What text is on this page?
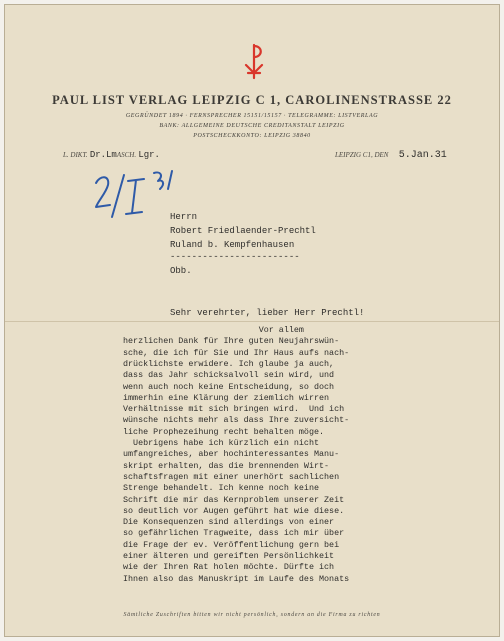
PAUL LIST VERLAG LEIPZIG C 1, CAROLINENSTRASSE 22
GEGRÜNDET 1894 · FERNSPRECHER 15151/15157 · TELEGRAMME: LISTVERLAG
BANK: ALLGEMEINE DEUTSCHE CREDITANSTALT LEIPZIG
POSTSCHECKKONTO: LEIPZIG 38840
L. DIKT. Dr.LmASCH. Lgr.	LEIPZIG C1, DEN 5.Jan.31
Herrn
Robert Friedlaender-Prechtl
Ruland b. Kempfenhausen
------------------------
Obb.
Sehr verehrter, lieber Herr Prechtl!
Vor allem
herzlichen Dank für Ihre guten Neujahrswün-
sche, die ich für Sie und Ihr Haus aufs nach-
drücklichste erwidere. Ich glaube ja auch,
dass das Jahr schicksalvoll sein wird, und
wenn auch noch keine Entscheidung, so doch
immerhin eine Klärung der ziemlich wirren
Verhältnisse mit sich bringen wird.  Und ich
wünsche nichts mehr als dass Ihre zuversicht-
liche Prophezeihung recht behalten möge.
Uebrigens habe ich kürzlich ein nicht
umfangreiches, aber hochinteressantes Manu-
skript erhalten, das die brennenden Wirt-
schaftsfragen mit einer unerhört sachlichen
Strenge behandelt. Ich kenne noch keine
Schrift die mir das Kernproblem unserer Zeit
so deutlich vor Augen geführt hat wie diese.
Die Konsequenzen sind allerdings von einer
so gefährlichen Tragweite, dass ich mir über
die Frage der ev. Veröffentlichung gern bei
einer älteren und gereiften Persönlichkeit
wie der Ihren Rat holen möchte. Dürfte ich
Ihnen also das Manuskript im Laufe des Monats
Sämtliche Zuschriften bitten wir nicht persönlich, sondern an die Firma zu richten
